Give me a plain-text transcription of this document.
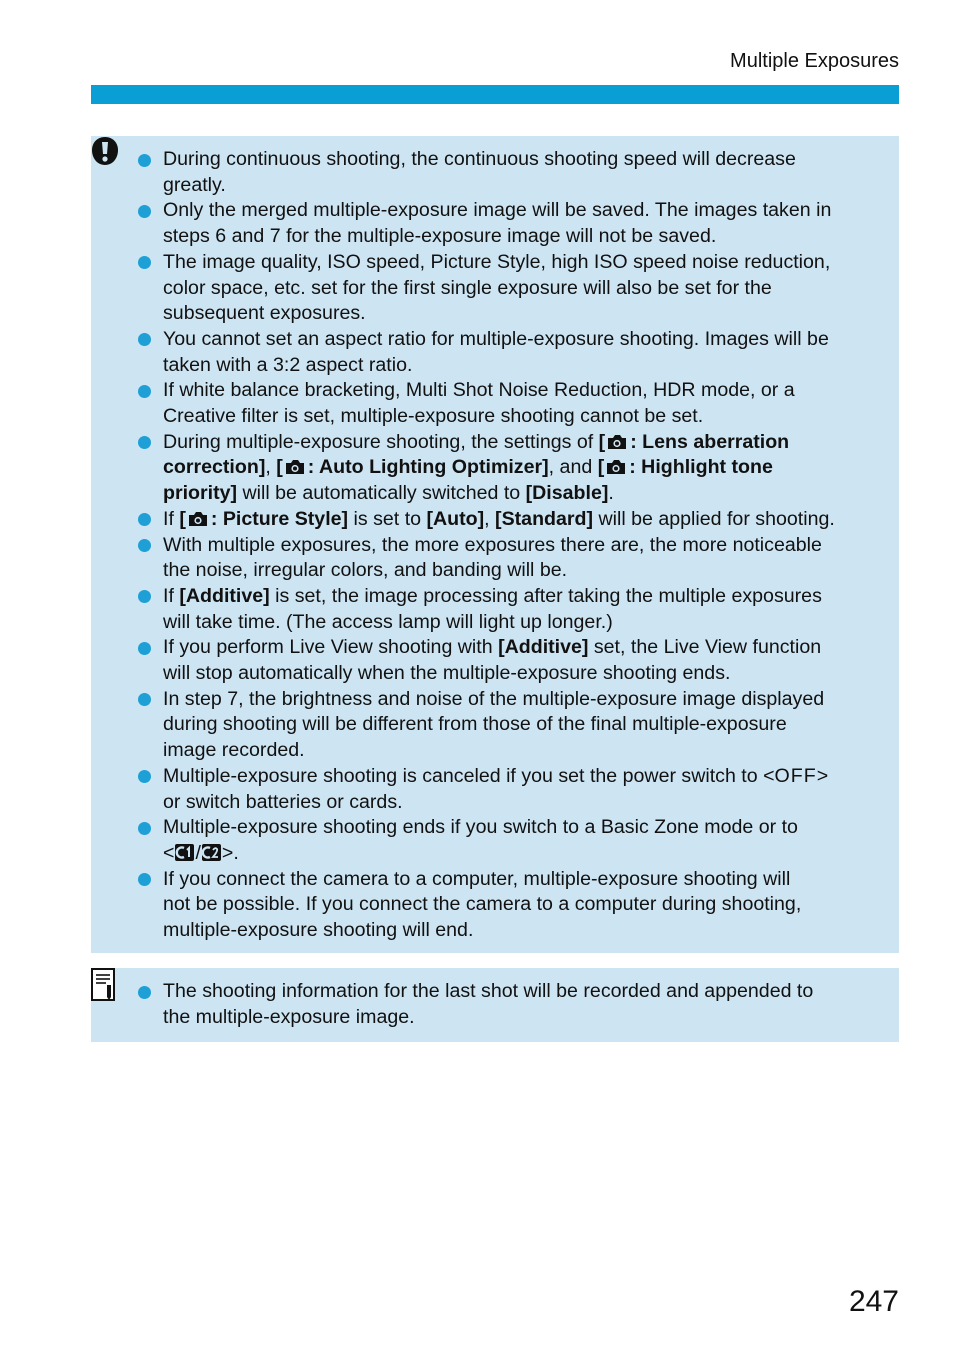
Multiple Exposures
During continuous shooting, the continuous shooting speed will decrease
greatly.
Only the merged multiple-exposure image will be saved. The images taken in
steps 6 and 7 for the multiple-exposure image will not be saved.
The image quality, ISO speed, Picture Style, high ISO speed noise reduction,
color space, etc. set for the first single exposure will also be set for the
subsequent exposures.
You cannot set an aspect ratio for multiple-exposure shooting. Images will be
taken with a 3:2 aspect ratio.
If white balance bracketing, Multi Shot Noise Reduction, HDR mode, or a
Creative filter is set, multiple-exposure shooting cannot be set.
During multiple-exposure shooting, the settings of [ : Lens aberration
correction], [ : Auto Lighting Optimizer], and [ : Highlight tone
priority] will be automatically switched to [Disable].
If [ : Picture Style] is set to [Auto], [Standard] will be applied for shooting.
With multiple exposures, the more exposures there are, the more noticeable
the noise, irregular colors, and banding will be.
If [Additive] is set, the image processing after taking the multiple exposures
will take time. (The access lamp will light up longer.)
If you perform Live View shooting with [Additive] set, the Live View function
will stop automatically when the multiple-exposure shooting ends.
In step 7, the brightness and noise of the multiple-exposure image displayed
during shooting will be different from those of the final multiple-exposure
image recorded.
Multiple-exposure shooting is canceled if you set the power switch to <OFF>
or switch batteries or cards.
Multiple-exposure shooting ends if you switch to a Basic Zone mode or to
< / >.
If you connect the camera to a computer, multiple-exposure shooting will
not be possible. If you connect the camera to a computer during shooting,
multiple-exposure shooting will end.
The shooting information for the last shot will be recorded and appended to
the multiple-exposure image.
247
